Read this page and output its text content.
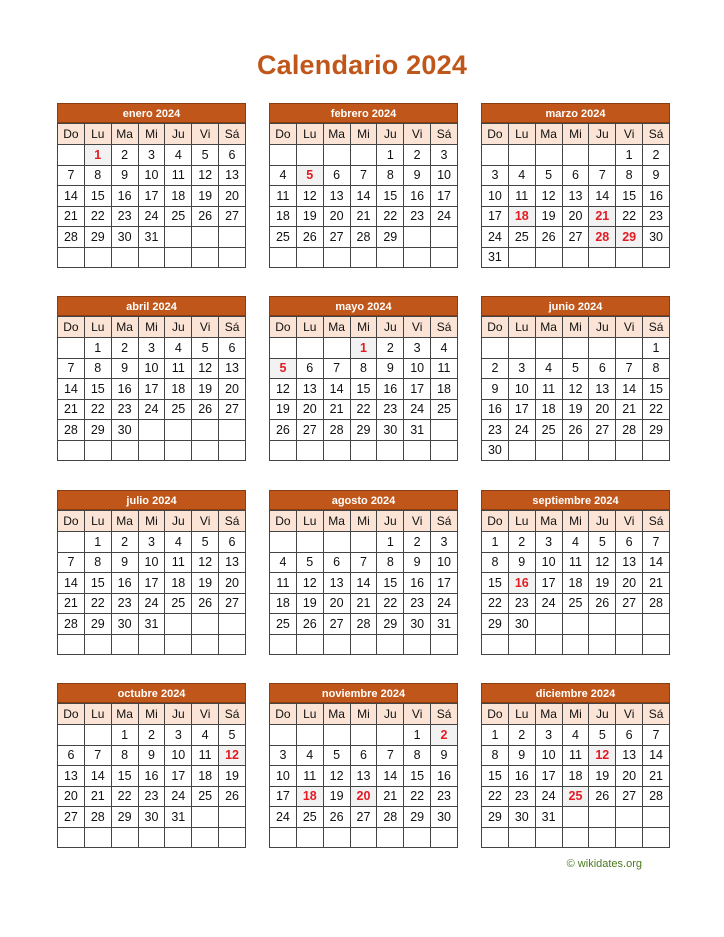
Calendario 2024
enero 2024
Do	Lu	Ma	Mi	Ju	Vi	Sá
	1	2	3	4	5	6
7	8	9	10	11	12	13
14	15	16	17	18	19	20
21	22	23	24	25	26	27
28	29	30	31			

febrero 2024
Do	Lu	Ma	Mi	Ju	Vi	Sá
				1	2	3
4	5	6	7	8	9	10
11	12	13	14	15	16	17
18	19	20	21	22	23	24
25	26	27	28	29		

marzo 2024
Do	Lu	Ma	Mi	Ju	Vi	Sá
					1	2
3	4	5	6	7	8	9
10	11	12	13	14	15	16
17	18	19	20	21	22	23
24	25	26	27	28	29	30
31						
abril 2024
Do	Lu	Ma	Mi	Ju	Vi	Sá
	1	2	3	4	5	6
7	8	9	10	11	12	13
14	15	16	17	18	19	20
21	22	23	24	25	26	27
28	29	30				

mayo 2024
Do	Lu	Ma	Mi	Ju	Vi	Sá
			1	2	3	4
5	6	7	8	9	10	11
12	13	14	15	16	17	18
19	20	21	22	23	24	25
26	27	28	29	30	31	

junio 2024
Do	Lu	Ma	Mi	Ju	Vi	Sá
						1
2	3	4	5	6	7	8
9	10	11	12	13	14	15
16	17	18	19	20	21	22
23	24	25	26	27	28	29
30						
julio 2024
Do	Lu	Ma	Mi	Ju	Vi	Sá
	1	2	3	4	5	6
7	8	9	10	11	12	13
14	15	16	17	18	19	20
21	22	23	24	25	26	27
28	29	30	31			

agosto 2024
Do	Lu	Ma	Mi	Ju	Vi	Sá
				1	2	3
4	5	6	7	8	9	10
11	12	13	14	15	16	17
18	19	20	21	22	23	24
25	26	27	28	29	30	31

septiembre 2024
Do	Lu	Ma	Mi	Ju	Vi	Sá
1	2	3	4	5	6	7
8	9	10	11	12	13	14
15	16	17	18	19	20	21
22	23	24	25	26	27	28
29	30					

octubre 2024
Do	Lu	Ma	Mi	Ju	Vi	Sá
		1	2	3	4	5
6	7	8	9	10	11	12
13	14	15	16	17	18	19
20	21	22	23	24	25	26
27	28	29	30	31		

noviembre 2024
Do	Lu	Ma	Mi	Ju	Vi	Sá
					1	2
3	4	5	6	7	8	9
10	11	12	13	14	15	16
17	18	19	20	21	22	23
24	25	26	27	28	29	30

diciembre 2024
Do	Lu	Ma	Mi	Ju	Vi	Sá
1	2	3	4	5	6	7
8	9	10	11	12	13	14
15	16	17	18	19	20	21
22	23	24	25	26	27	28
29	30	31				

© wikidates.org
